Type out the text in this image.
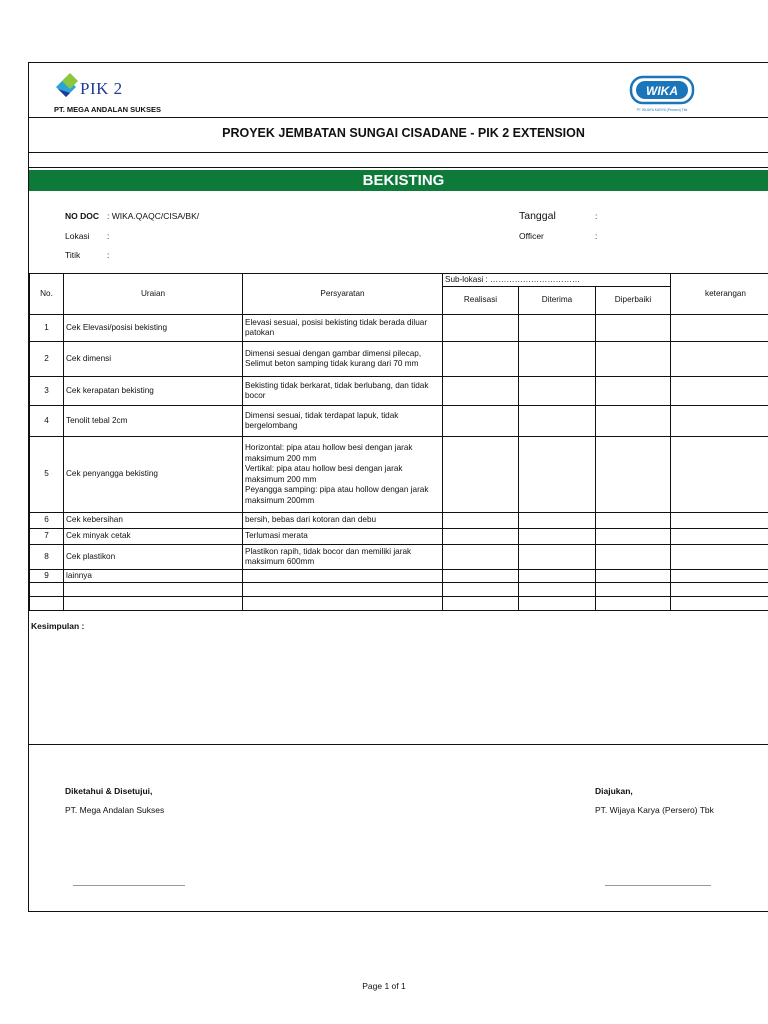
PIK 2
PT. MEGA ANDALAN SUKSES
WIKA
PT WIJAYA KARYA (Persero) Tbk
PROYEK JEMBATAN SUNGAI CISADANE - PIK 2 EXTENSION
BEKISTING
NO DOC : WIKA.QAQC/CISA/BK/
Lokasi :
Titik	:
Tanggal	:
Officer	:
No.	Uraian	Persyaratan	Sub-lokasi : ……………………………			keterangan
			Realisasi	Diterima	Diperbaiki	
1	Cek Elevasi/posisi bekisting	Elevasi sesuai, posisi bekisting tidak berada diluar patokan				
2	Cek dimensi	Dimensi sesuai dengan gambar dimensi pilecap, Selimut beton samping tidak kurang dari 70 mm				
3	Cek kerapatan bekisting	Bekisting tidak berkarat, tidak berlubang, dan tidak bocor				
4	Tenolit tebal 2cm	Dimensi sesuai, tidak terdapat lapuk, tidak bergelombang				
5	Cek penyangga bekisting	Horizontal: pipa atau hollow besi dengan jarak maksimum 200 mm
Vertikal: pipa atau hollow besi dengan jarak maksimum 200 mm
Peyangga samping: pipa atau hollow dengan jarak maksimum 200mm				
6	Cek kebersihan	bersih, bebas dari kotoran dan debu				
7	Cek minyak cetak	Terlumasi merata				
8	Cek plastikon	Plastikon rapih, tidak bocor dan memiliki jarak maksimum 600mm				
9	lainnya					

Kesimpulan :
Diketahui & Disetujui,
PT. Mega Andalan Sukses
Diajukan,
PT. Wijaya Karya (Persero) Tbk
Page 1 of 1
